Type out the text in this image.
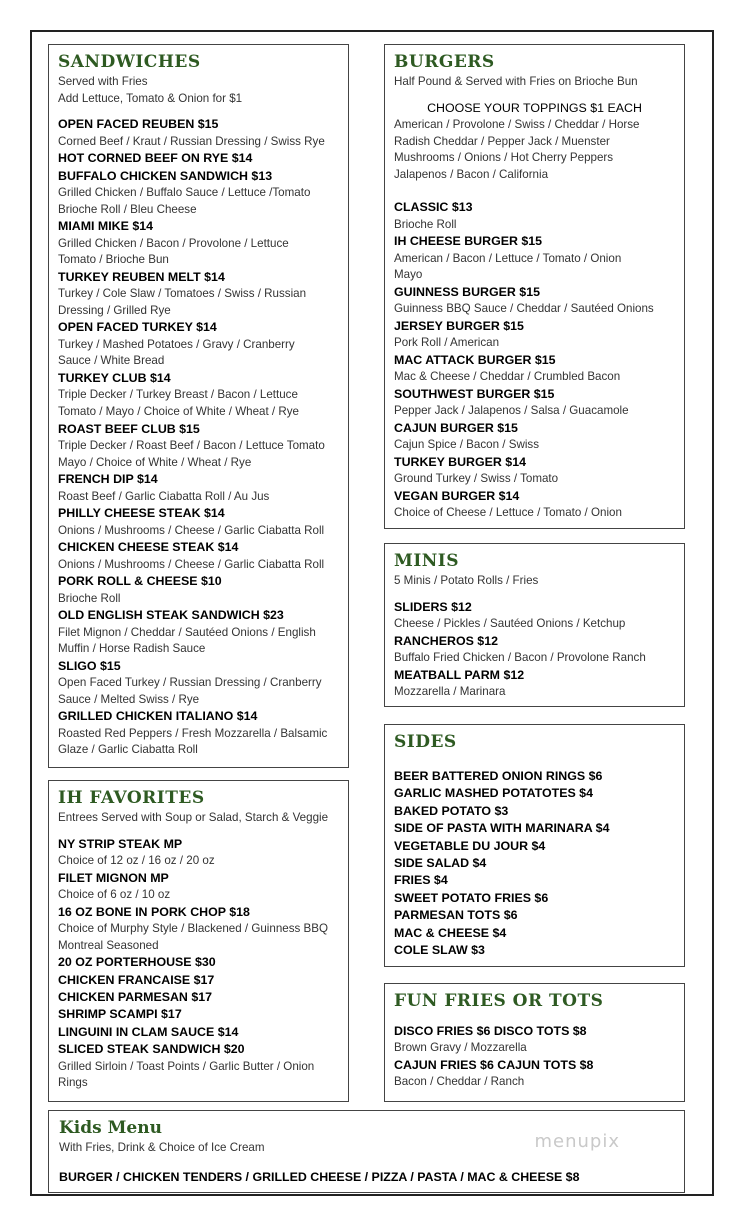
SANDWICHES
Served with Fries
Add Lettuce, Tomato & Onion for $1
OPEN FACED REUBEN $15
Corned Beef / Kraut / Russian Dressing / Swiss Rye
HOT CORNED BEEF ON RYE $14
BUFFALO CHICKEN SANDWICH $13
Grilled Chicken / Buffalo Sauce / Lettuce /Tomato
Brioche Roll / Bleu Cheese
MIAMI MIKE $14
Grilled Chicken / Bacon / Provolone / Lettuce
Tomato / Brioche Bun
TURKEY REUBEN MELT $14
Turkey / Cole Slaw / Tomatoes / Swiss / Russian
Dressing / Grilled Rye
OPEN FACED TURKEY $14
Turkey / Mashed Potatoes / Gravy / Cranberry
Sauce / White Bread
TURKEY CLUB $14
Triple Decker / Turkey Breast / Bacon / Lettuce
Tomato / Mayo / Choice of White / Wheat / Rye
ROAST BEEF CLUB $15
Triple Decker / Roast Beef / Bacon / Lettuce Tomato
Mayo / Choice of White / Wheat / Rye
FRENCH DIP $14
Roast Beef / Garlic Ciabatta Roll / Au Jus
PHILLY CHEESE STEAK $14
Onions / Mushrooms / Cheese / Garlic Ciabatta Roll
CHICKEN CHEESE STEAK $14
Onions / Mushrooms / Cheese / Garlic Ciabatta Roll
PORK ROLL & CHEESE $10
Brioche Roll
OLD ENGLISH STEAK SANDWICH $23
Filet Mignon / Cheddar / Sautéed Onions / English
Muffin / Horse Radish Sauce
SLIGO $15
Open Faced Turkey / Russian Dressing / Cranberry
Sauce / Melted Swiss / Rye
GRILLED CHICKEN ITALIANO $14
Roasted Red Peppers / Fresh Mozzarella / Balsamic
Glaze / Garlic Ciabatta Roll
IH FAVORITES
Entrees Served with Soup or Salad, Starch & Veggie
NY STRIP STEAK MP
Choice of 12 oz / 16 oz / 20 oz
FILET MIGNON MP
Choice of 6 oz / 10 oz
16 OZ BONE IN PORK CHOP $18
Choice of Murphy Style / Blackened / Guinness BBQ
Montreal Seasoned
20 OZ PORTERHOUSE $30
CHICKEN FRANCAISE $17
CHICKEN PARMESAN $17
SHRIMP SCAMPI $17
LINGUINI IN CLAM SAUCE $14
SLICED STEAK SANDWICH $20
Grilled Sirloin / Toast Points / Garlic Butter / Onion
Rings
BURGERS
Half Pound & Served with Fries on Brioche Bun
CHOOSE YOUR TOPPINGS $1 EACH
American / Provolone / Swiss / Cheddar / Horse
Radish Cheddar / Pepper Jack / Muenster
Mushrooms / Onions / Hot Cherry Peppers
Jalapenos / Bacon / California
CLASSIC $13
Brioche Roll
IH CHEESE BURGER $15
American / Bacon / Lettuce / Tomato / Onion
Mayo
GUINNESS BURGER $15
Guinness BBQ Sauce / Cheddar / Sautéed Onions
JERSEY BURGER $15
Pork Roll / American
MAC ATTACK BURGER $15
Mac & Cheese / Cheddar / Crumbled Bacon
SOUTHWEST BURGER $15
Pepper Jack / Jalapenos / Salsa / Guacamole
CAJUN BURGER $15
Cajun Spice / Bacon / Swiss
TURKEY BURGER $14
Ground Turkey / Swiss / Tomato
VEGAN BURGER $14
Choice of Cheese / Lettuce / Tomato / Onion
MINIS
5 Minis / Potato Rolls / Fries
SLIDERS $12
Cheese / Pickles / Sautéed Onions / Ketchup
RANCHEROS $12
Buffalo Fried Chicken / Bacon / Provolone Ranch
MEATBALL PARM $12
Mozzarella / Marinara
SIDES
BEER BATTERED ONION RINGS $6
GARLIC MASHED POTATOTES $4
BAKED POTATO $3
SIDE OF PASTA WITH MARINARA $4
VEGETABLE DU JOUR $4
SIDE SALAD $4
FRIES $4
SWEET POTATO FRIES $6
PARMESAN TOTS $6
MAC & CHEESE $4
COLE SLAW $3
FUN FRIES OR TOTS
DISCO FRIES $6 DISCO TOTS $8
Brown Gravy / Mozzarella
CAJUN FRIES $6 CAJUN TOTS $8
Bacon / Cheddar / Ranch
Kids Menu
With Fries, Drink & Choice of Ice Cream
BURGER / CHICKEN TENDERS / GRILLED CHEESE / PIZZA / PASTA / MAC & CHEESE $8
menupix
